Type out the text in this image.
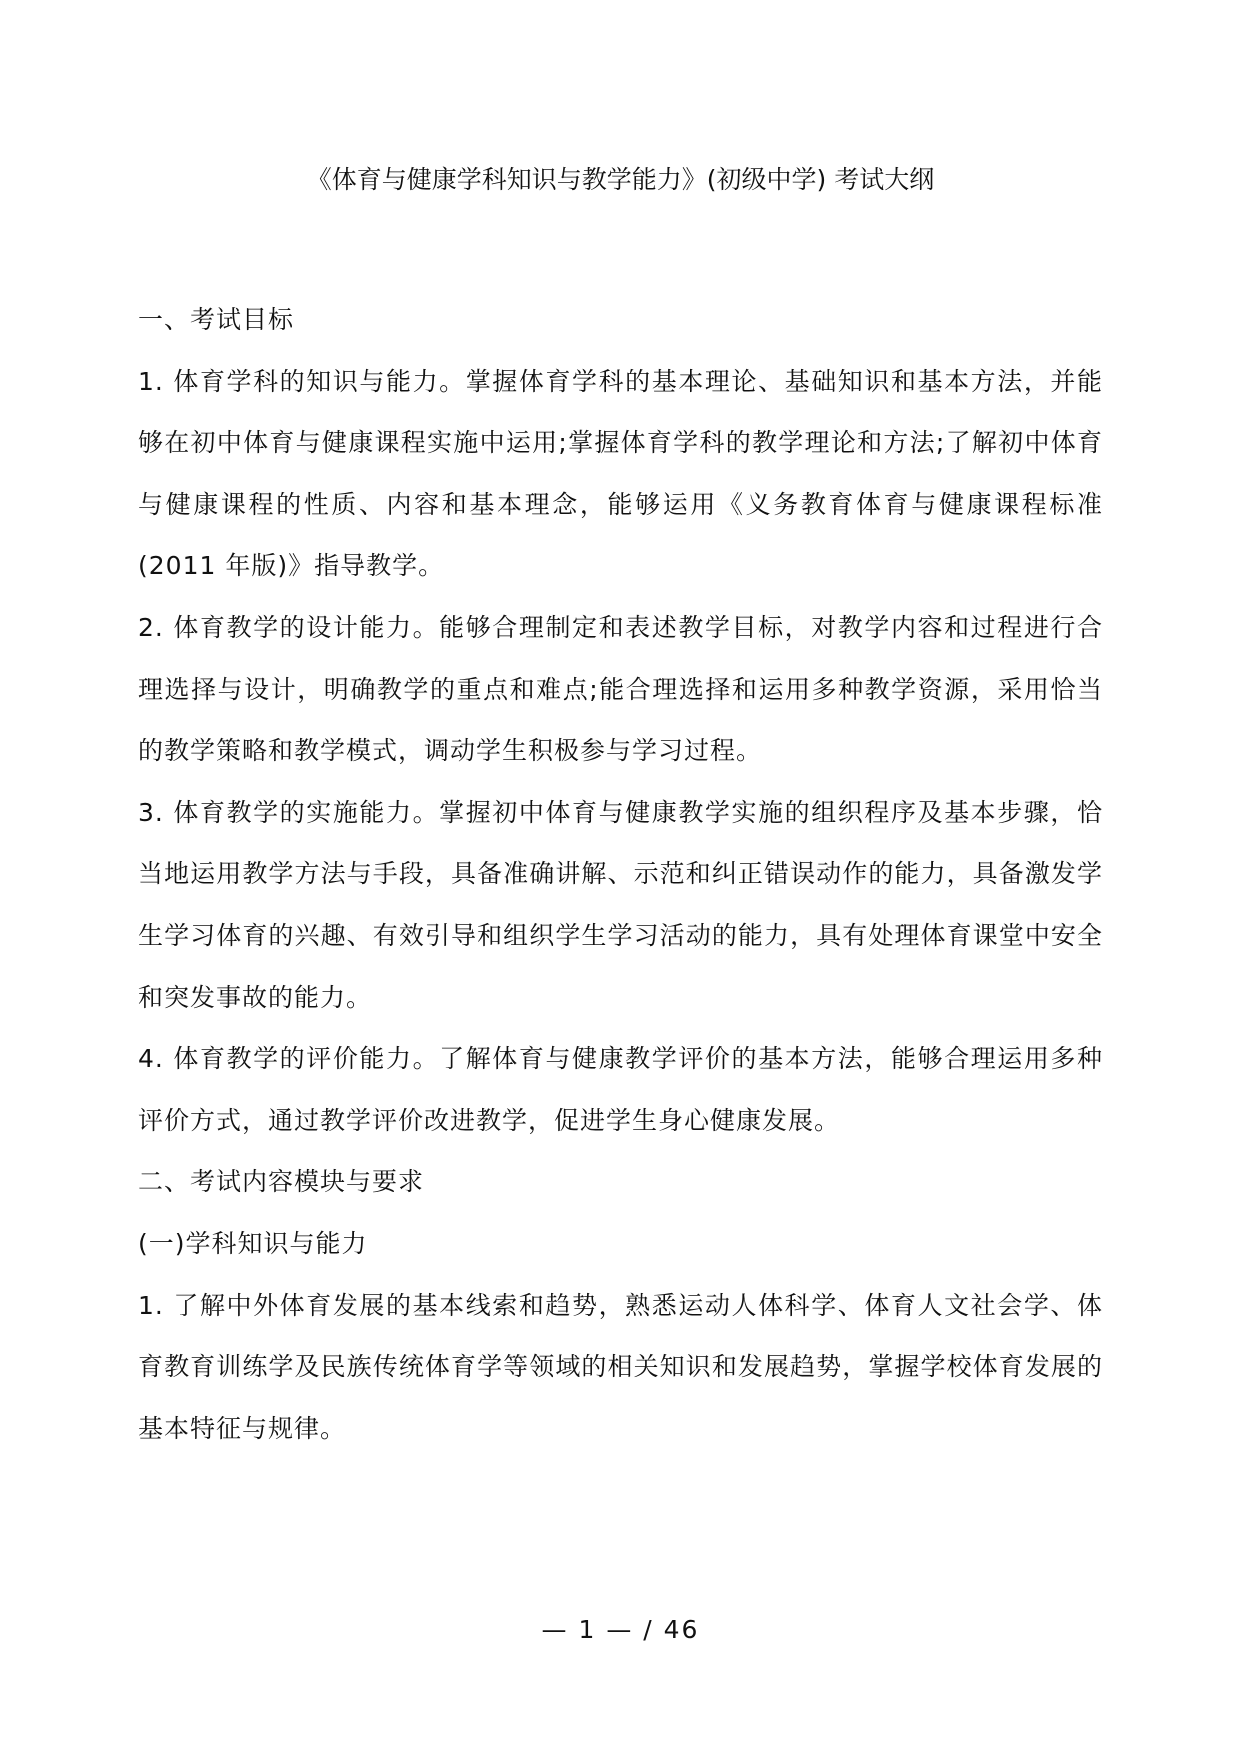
《体育与健康学科知识与教学能力》(初级中学) 考试大纲

一、考试目标

1. 体育学科的知识与能力。掌握体育学科的基本理论、基础知识和基本方法，并能够在初中体育与健康课程实施中运用;掌握体育学科的教学理论和方法;了解初中体育与健康课程的性质、内容和基本理念，能够运用《义务教育体育与健康课程标准(2011 年版)》指导教学。

2. 体育教学的设计能力。能够合理制定和表述教学目标，对教学内容和过程进行合理选择与设计，明确教学的重点和难点;能合理选择和运用多种教学资源，采用恰当的教学策略和教学模式，调动学生积极参与学习过程。

3. 体育教学的实施能力。掌握初中体育与健康教学实施的组织程序及基本步骤，恰当地运用教学方法与手段，具备准确讲解、示范和纠正错误动作的能力，具备激发学生学习体育的兴趣、有效引导和组织学生学习活动的能力，具有处理体育课堂中安全和突发事故的能力。

4. 体育教学的评价能力。了解体育与健康教学评价的基本方法，能够合理运用多种评价方式，通过教学评价改进教学，促进学生身心健康发展。

二、考试内容模块与要求

(一)学科知识与能力

1. 了解中外体育发展的基本线索和趋势，熟悉运动人体科学、体育人文社会学、体育教育训练学及民族传统体育学等领域的相关知识和发展趋势，掌握学校体育发展的基本特征与规律。

— 1 — / 46
